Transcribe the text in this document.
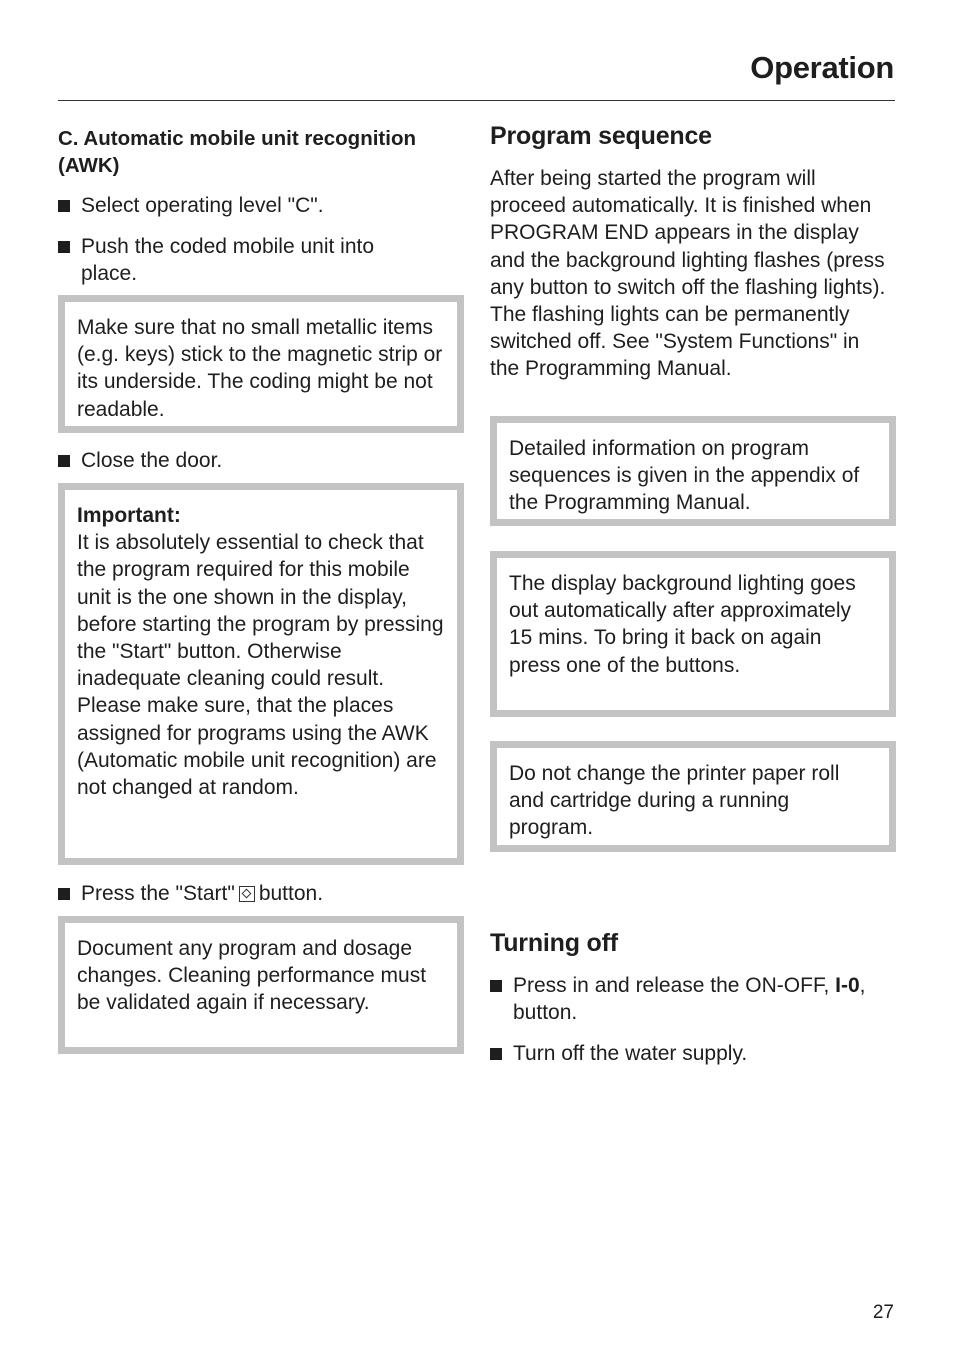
Operation
C. Automatic mobile unit recognition (AWK)
Select operating level "C".
Push the coded mobile unit into place.
Make sure that no small metallic items (e.g. keys) stick to the magnetic strip or its underside. The coding might be not readable.
Close the door.
Important:
It is absolutely essential to check that the program required for this mobile unit is the one shown in the display, before starting the program by pressing the "Start" button. Otherwise inadequate cleaning could result.
Please make sure, that the places assigned for programs using the AWK (Automatic mobile unit recognition) are not changed at random.
Press the "Start" button.
Document any program and dosage changes. Cleaning performance must be validated again if necessary.
Program sequence
After being started the program will proceed automatically. It is finished when PROGRAM END appears in the display and the background lighting flashes (press any button to switch off the flashing lights).
The flashing lights can be permanently switched off. See "System Functions" in the Programming Manual.
Detailed information on program sequences is given in the appendix of the Programming Manual.
The display background lighting goes out automatically after approximately 15 mins. To bring it back on again press one of the buttons.
Do not change the printer paper roll and cartridge during a running program.
Turning off
Press in and release the ON-OFF, I-0, button.
Turn off the water supply.
27
